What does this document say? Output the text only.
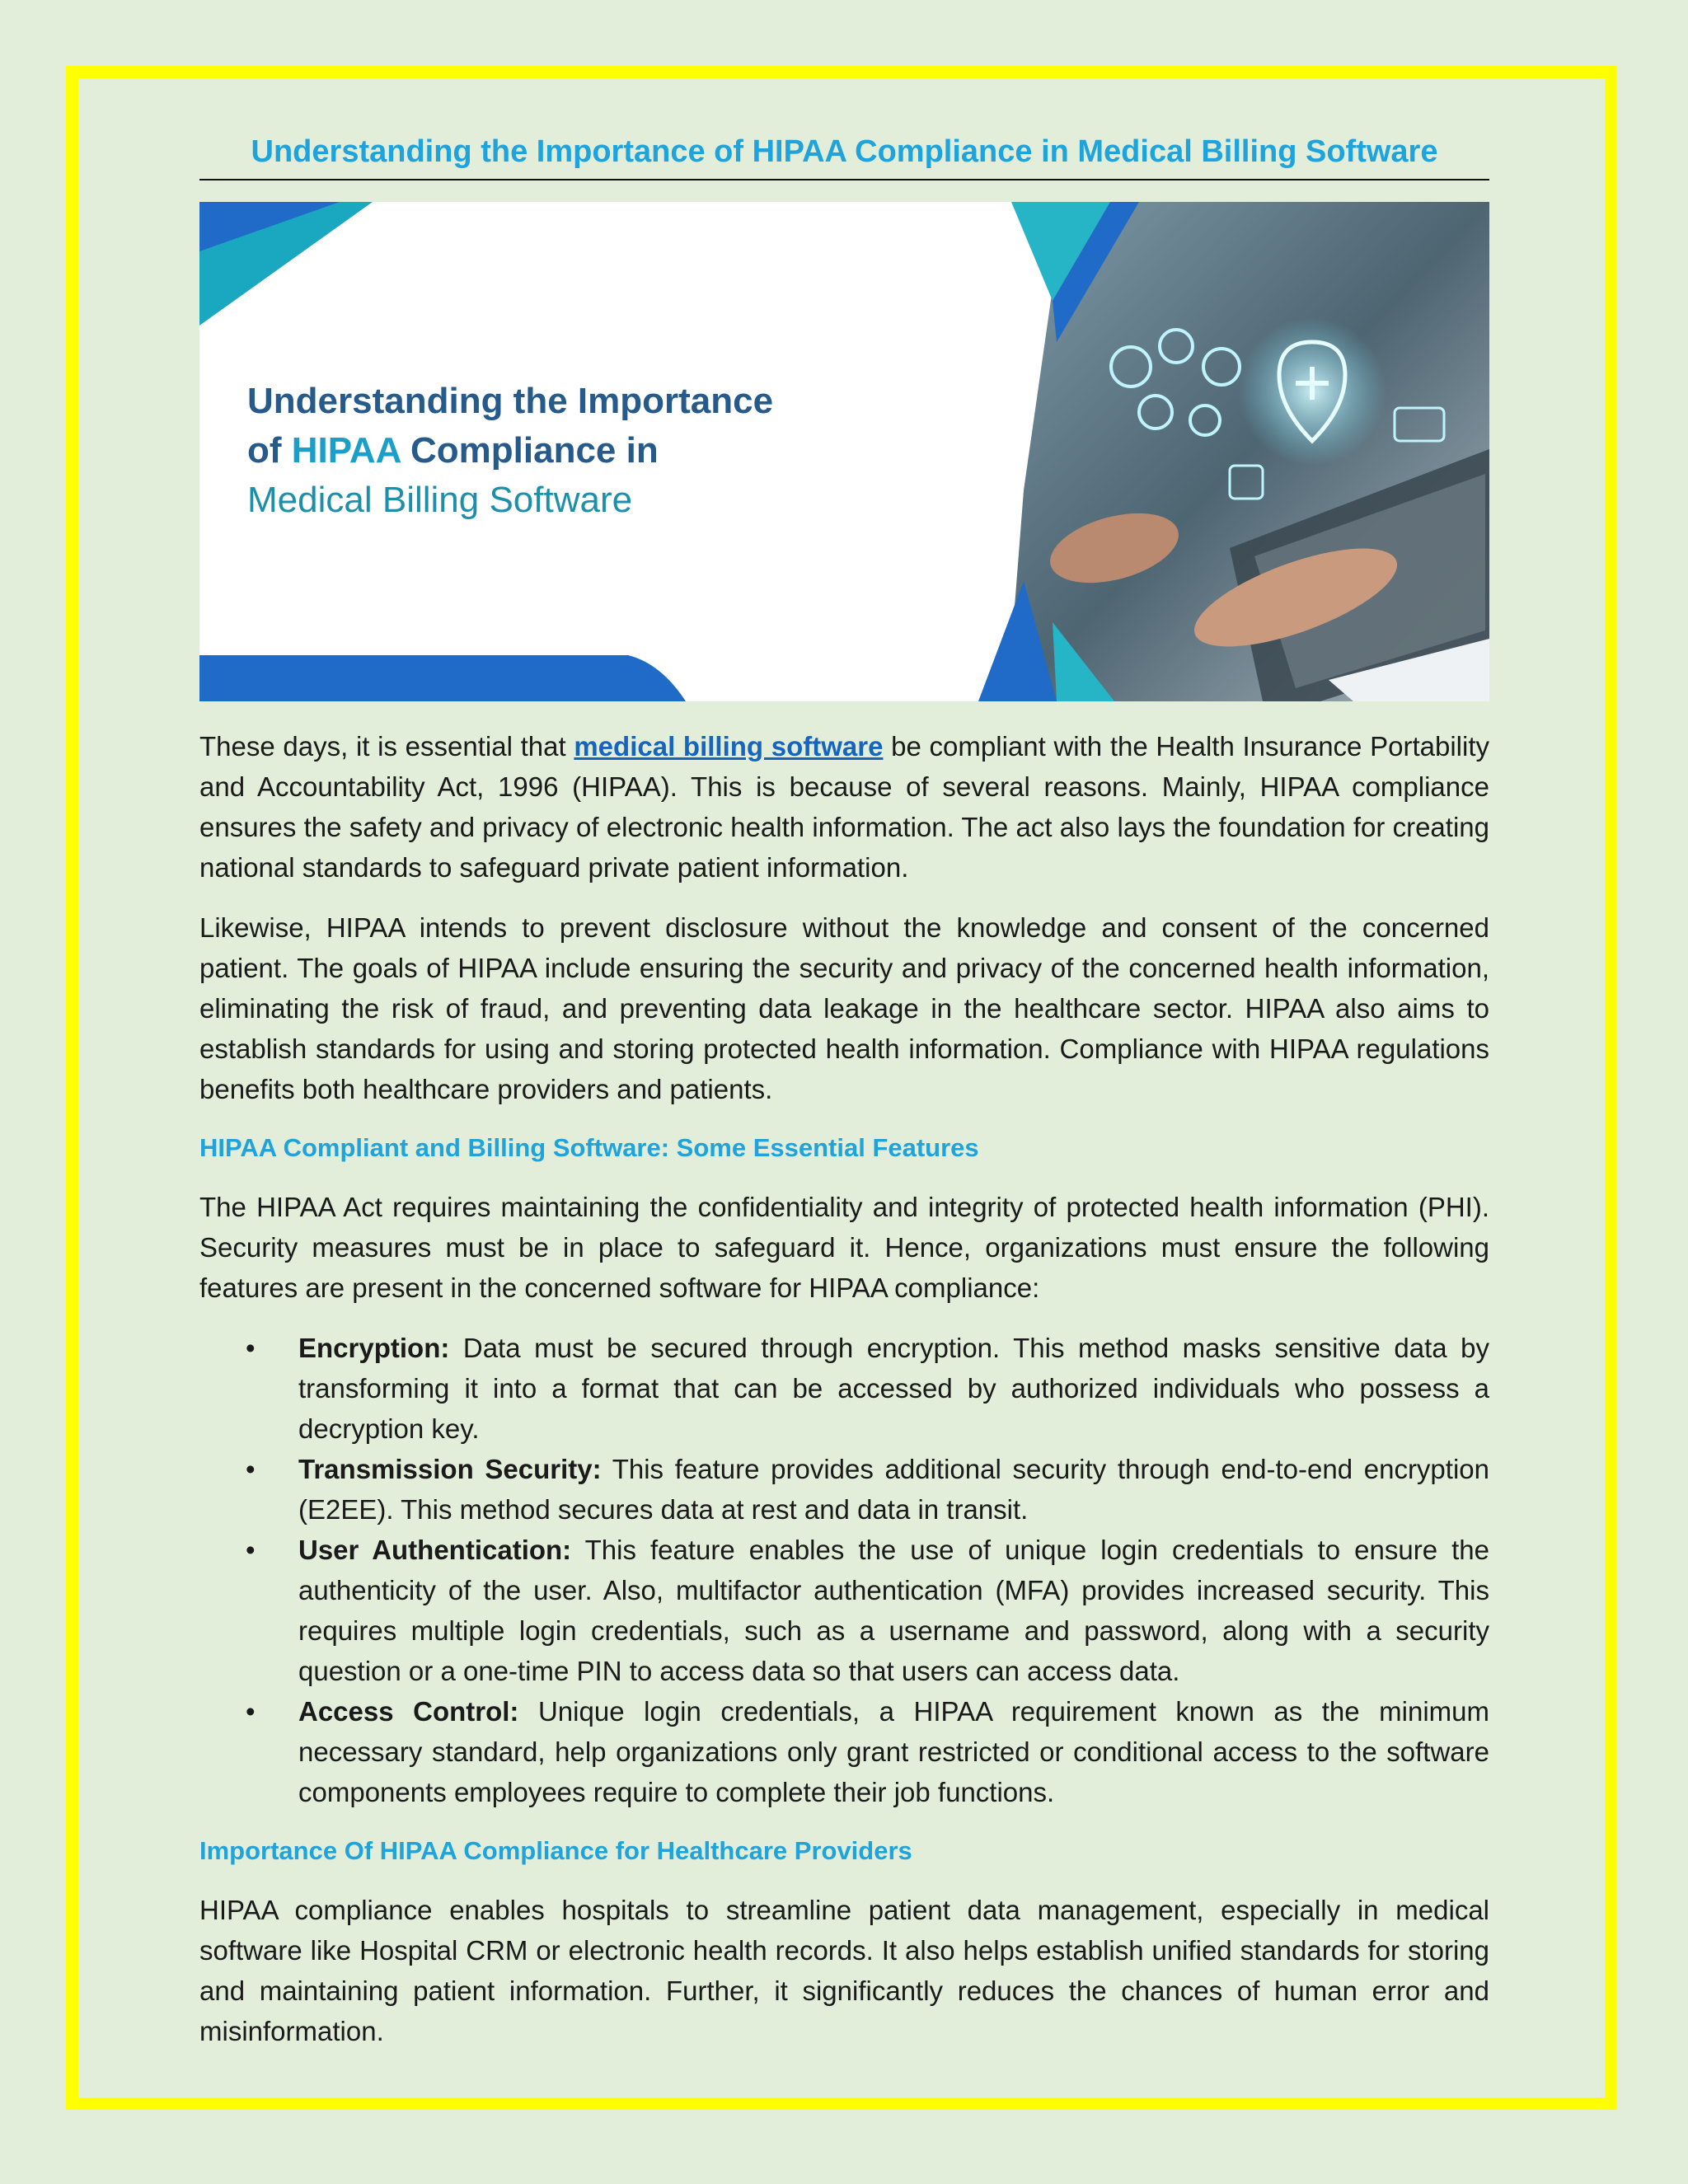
Understanding the Importance of HIPAA Compliance in Medical Billing Software
Understanding the Importance
of HIPAA Compliance in
Medical Billing Software

These days, it is essential that medical billing software be compliant with the Health Insurance Portability and Accountability Act, 1996 (HIPAA). This is because of several reasons. Mainly, HIPAA compliance ensures the safety and privacy of electronic health information. The act also lays the foundation for creating national standards to safeguard private patient information.

Likewise, HIPAA intends to prevent disclosure without the knowledge and consent of the concerned patient. The goals of HIPAA include ensuring the security and privacy of the concerned health information, eliminating the risk of fraud, and preventing data leakage in the healthcare sector. HIPAA also aims to establish standards for using and storing protected health information. Compliance with HIPAA regulations benefits both healthcare providers and patients.

HIPAA Compliant and Billing Software: Some Essential Features

The HIPAA Act requires maintaining the confidentiality and integrity of protected health information (PHI). Security measures must be in place to safeguard it. Hence, organizations must ensure the following features are present in the concerned software for HIPAA compliance:

• Encryption: Data must be secured through encryption. This method masks sensitive data by transforming it into a format that can be accessed by authorized individuals who possess a decryption key.
• Transmission Security: This feature provides additional security through end-to-end encryption (E2EE). This method secures data at rest and data in transit.
• User Authentication: This feature enables the use of unique login credentials to ensure the authenticity of the user. Also, multifactor authentication (MFA) provides increased security. This requires multiple login credentials, such as a username and password, along with a security question or a one-time PIN to access data so that users can access data.
• Access Control: Unique login credentials, a HIPAA requirement known as the minimum necessary standard, help organizations only grant restricted or conditional access to the software components employees require to complete their job functions.
Importance Of HIPAA Compliance for Healthcare Providers

HIPAA compliance enables hospitals to streamline patient data management, especially in medical software like Hospital CRM or electronic health records. It also helps establish unified standards for storing and maintaining patient information. Further, it significantly reduces the chances of human error and misinformation.
